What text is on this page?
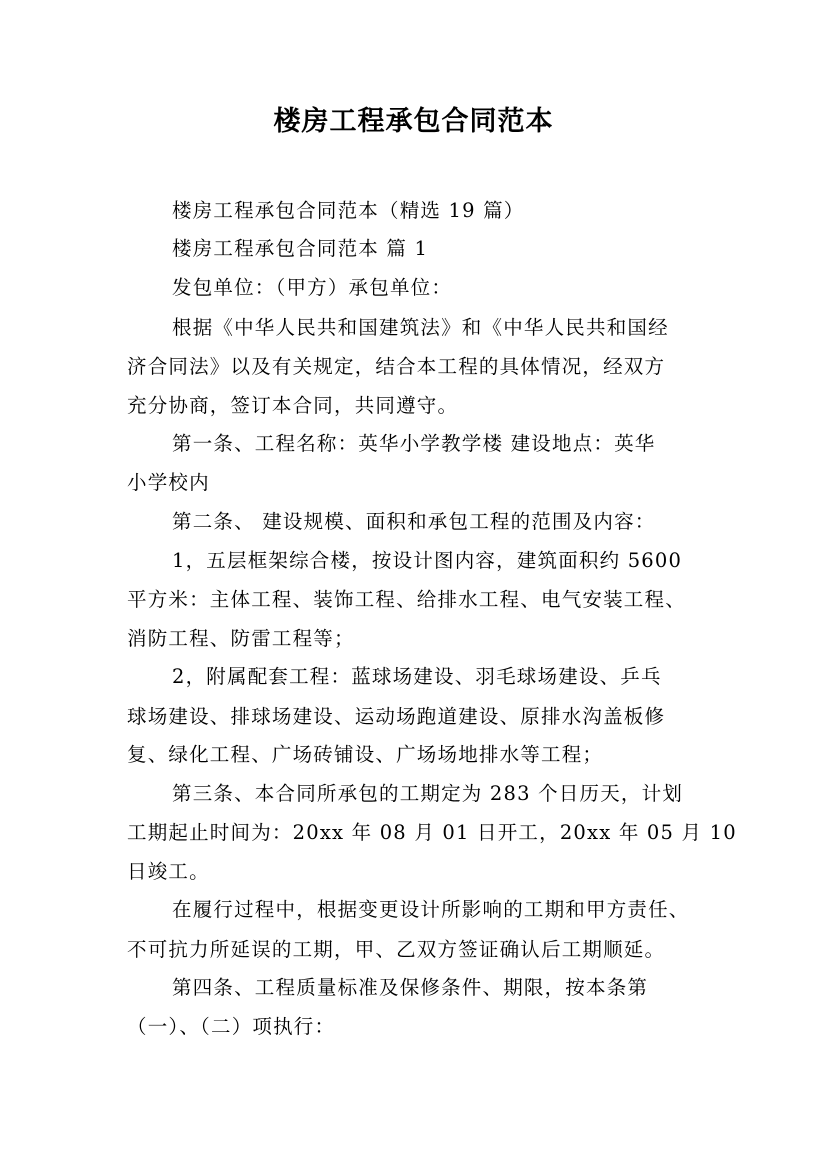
楼房工程承包合同范本
楼房工程承包合同范本（精选 19 篇）
楼房工程承包合同范本 篇 1
发包单位：（甲方）承包单位：
根据《中华人民共和国建筑法》和《中华人民共和国经
济合同法》以及有关规定，结合本工程的具体情况，经双方
充分协商，签订本合同，共同遵守。
第一条、工程名称：英华小学教学楼 建设地点：英华
小学校内
第二条、 建设规模、面积和承包工程的范围及内容：
1，五层框架综合楼，按设计图内容，建筑面积约 5600
平方米：主体工程、装饰工程、给排水工程、电气安装工程、
消防工程、防雷工程等；
2，附属配套工程：蓝球场建设、羽毛球场建设、乒乓
球场建设、排球场建设、运动场跑道建设、原排水沟盖板修
复、绿化工程、广场砖铺设、广场场地排水等工程；
第三条、本合同所承包的工期定为 283 个日历天，计划
工期起止时间为：20xx 年 08 月 01 日开工，20xx 年 05 月 10
日竣工。
在履行过程中，根据变更设计所影响的工期和甲方责任、
不可抗力所延误的工期，甲、乙双方签证确认后工期顺延。
第四条、工程质量标准及保修条件、期限，按本条第
（一）、（二）项执行：
